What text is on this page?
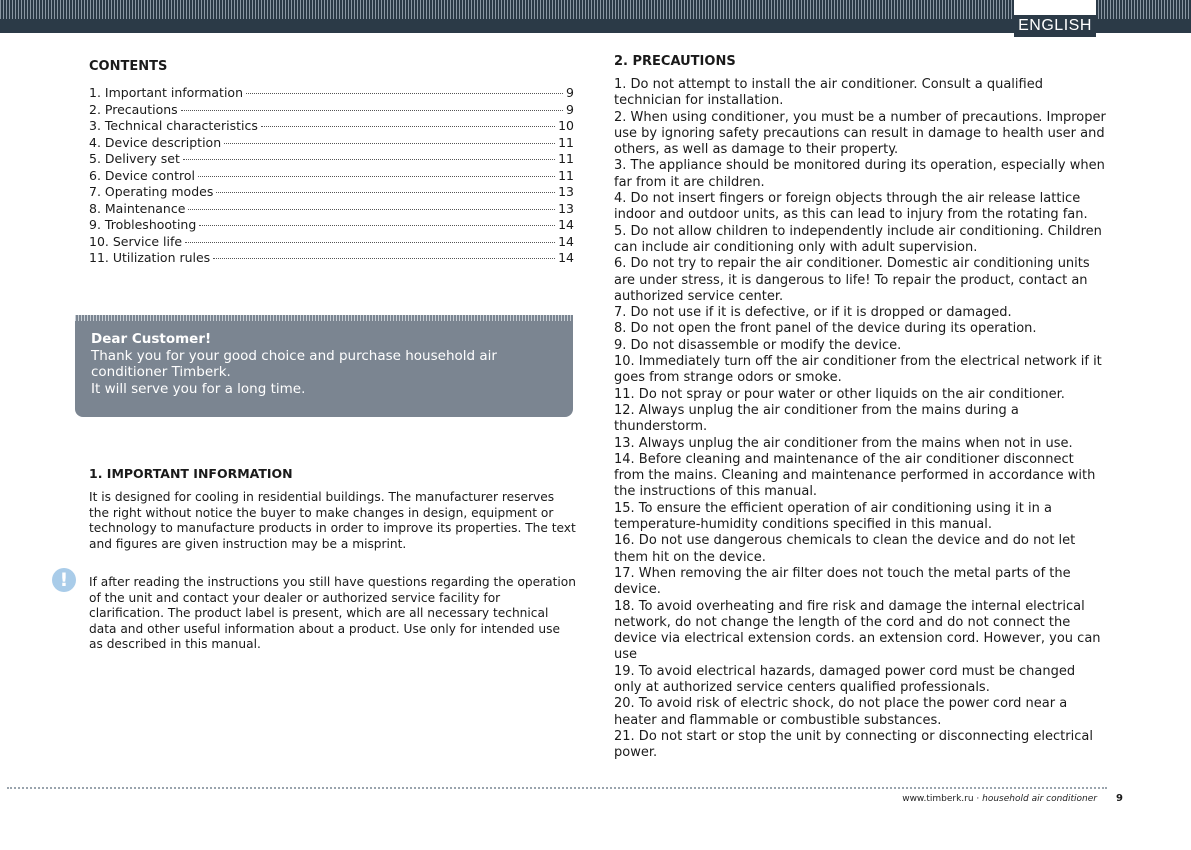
ENGLISH
CONTENTS
1. Important information	9
2. Precautions	9
3. Technical characteristics	10
4. Device description	11
5. Delivery set	11
6. Device control	11
7. Operating modes	13
8. Maintenance	13
9. Trobleshooting	14
10. Service life	14
11. Utilization rules	14
Dear Customer!
Thank you for your good choice and purchase household air conditioner Timberk.
It will serve you for a long time.
1. IMPORTANT INFORMATION
It is designed for cooling in residential buildings. The manufacturer reserves the right without notice the buyer to make changes in design, equipment or technology to manufacture products in order to improve its properties. The text and figures are given instruction may be a misprint.
!	If after reading the instructions you still have questions regarding the operation of the unit and contact your dealer or authorized service facility for clarification. The product label is present, which are all necessary technical data and other useful information about a product. Use only for intended use as described in this manual.
2. PRECAUTIONS

1. Do not attempt to install the air conditioner. Consult a qualified technician for installation.

2. When using conditioner, you must be a number of precautions. Improper use by ignoring safety precautions can result in damage to health user and others, as well as damage to their property.

3. The appliance should be monitored during its operation, especially when far from it are children.

4. Do not insert fingers or foreign objects through the air release lattice indoor and outdoor units, as this can lead to injury from the rotating fan.

5. Do not allow children to independently include air conditioning. Children can include air conditioning only with adult supervision.

6. Do not try to repair the air conditioner. Domestic air conditioning units are under stress, it is dangerous to life! To repair the product, contact an authorized service center.

7. Do not use if it is defective, or if it is dropped or damaged.

8. Do not open the front panel of the device during its operation.

9. Do not disassemble or modify the device.

10. Immediately turn off the air conditioner from the electrical network if it goes from strange odors or smoke.

11. Do not spray or pour water or other liquids on the air conditioner.

12. Always unplug the air conditioner from the mains during a thunderstorm.

13. Always unplug the air conditioner from the mains when not in use.

14. Before cleaning and maintenance of the air conditioner disconnect from the mains. Cleaning and maintenance performed in accordance with the instructions of this manual.

15. To ensure the efficient operation of air conditioning using it in a temperature-humidity conditions specified in this manual.

16. Do not use dangerous chemicals to clean the device and do not let them hit on the device.

17. When removing the air filter does not touch the metal parts of the device.

18. To avoid overheating and fire risk and damage the internal electrical network, do not change the length of the cord and do not connect the device via electrical extension cords. an extension cord. However, you can use

19. To avoid electrical hazards, damaged power cord must be changed only at authorized service centers qualified professionals.

20. To avoid risk of electric shock, do not place the power cord near a heater and flammable or combustible substances.

21. Do not start or stop the unit by connecting or disconnecting electrical power.

www.timberk.ru · household air conditioner 9
